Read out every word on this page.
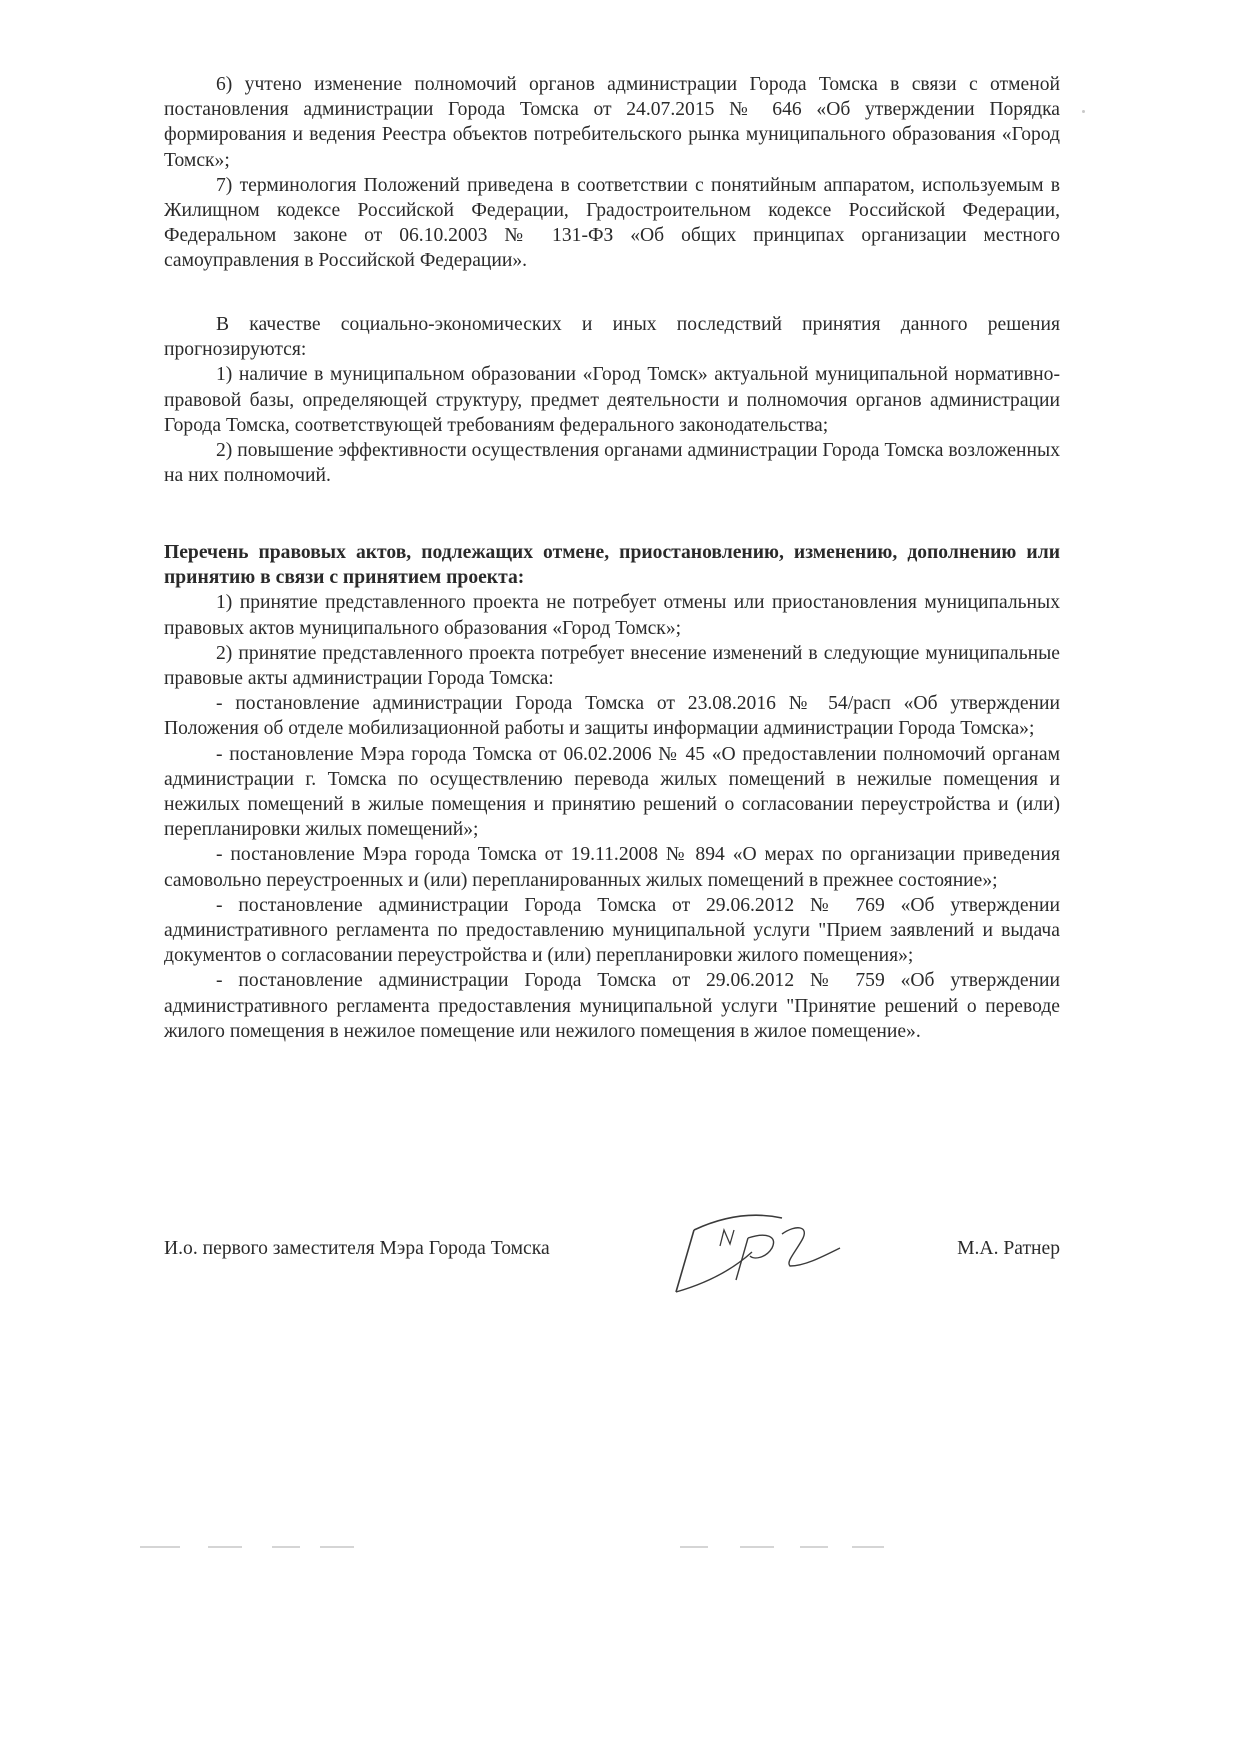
6) учтено изменение полномочий органов администрации Города Томска в связи с отменой постановления администрации Города Томска от 24.07.2015 № 646 «Об утверждении Порядка формирования и ведения Реестра объектов потребительского рынка муниципального образования «Город Томск»;

7) терминология Положений приведена в соответствии с понятийным аппаратом, используемым в Жилищном кодексе Российской Федерации, Градостроительном кодексе Российской Федерации, Федеральном законе от 06.10.2003 № 131-ФЗ «Об общих принципах организации местного самоуправления в Российской Федерации».

В качестве социально-экономических и иных последствий принятия данного решения прогнозируются:

1) наличие в муниципальном образовании «Город Томск» актуальной муниципальной нормативно-правовой базы, определяющей структуру, предмет деятельности и полномочия органов администрации Города Томска, соответствующей требованиям федерального законодательства;

2) повышение эффективности осуществления органами администрации Города Томска возложенных на них полномочий.

Перечень правовых актов, подлежащих отмене, приостановлению, изменению, дополнению или принятию в связи с принятием проекта:

1) принятие представленного проекта не потребует отмены или приостановления муниципальных правовых актов муниципального образования «Город Томск»;

2) принятие представленного проекта потребует внесение изменений в следующие муниципальные правовые акты администрации Города Томска:

- постановление администрации Города Томска от 23.08.2016 № 54/расп «Об утверждении Положения об отделе мобилизационной работы и защиты информации администрации Города Томска»;

- постановление Мэра города Томска от 06.02.2006 № 45 «О предоставлении полномочий органам администрации г. Томска по осуществлению перевода жилых помещений в нежилые помещения и нежилых помещений в жилые помещения и принятию решений о согласовании переустройства и (или) перепланировки жилых помещений»;

- постановление Мэра города Томска от 19.11.2008 № 894 «О мерах по организации приведения самовольно переустроенных и (или) перепланированных жилых помещений в прежнее состояние»;

- постановление администрации Города Томска от 29.06.2012 № 769 «Об утверждении административного регламента по предоставлению муниципальной услуги "Прием заявлений и выдача документов о согласовании переустройства и (или) перепланировки жилого помещения»;

- постановление администрации Города Томска от 29.06.2012 № 759 «Об утверждении административного регламента предоставления муниципальной услуги "Принятие решений о переводе жилого помещения в нежилое помещение или нежилого помещения в жилое помещение».

И.о. первого заместителя Мэра Города Томска	М.А. Ратнер
